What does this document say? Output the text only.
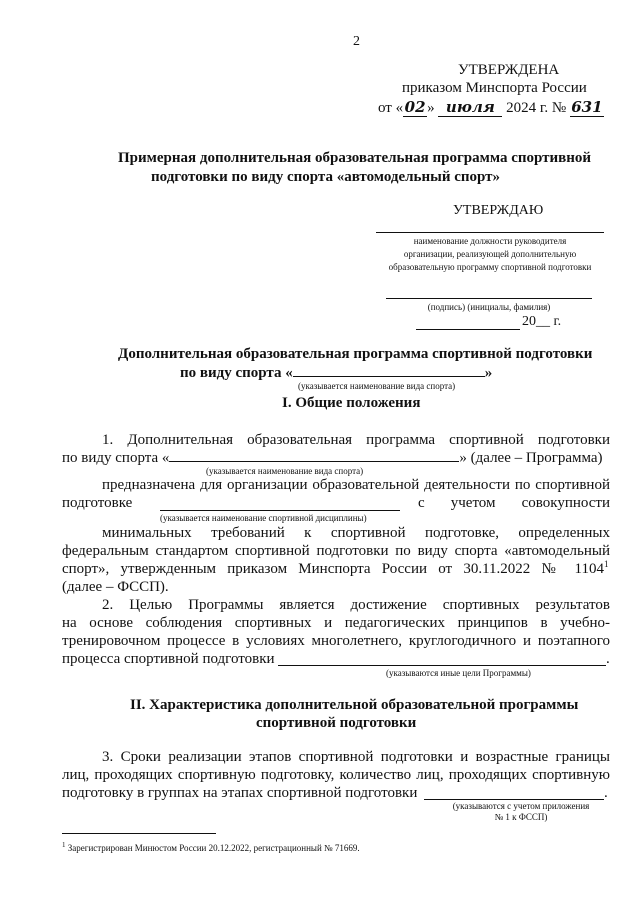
2
УТВЕРЖДЕНА
приказом Минспорта России
от « 02 » июля 2024 г. № 631
Примерная дополнительная образовательная программа спортивной
подготовки по виду спорта «автомодельный спорт»
УТВЕРЖДАЮ
наименование должности руководителя
организации, реализующей дополнительную
образовательную программу спортивной подготовки
(подпись) (инициалы, фамилия)
20__ г.
Дополнительная образовательная программа спортивной подготовки
по виду спорта «	»
(указывается наименование вида спорта)
I. Общие положения
1. Дополнительная образовательная программа спортивной подготовки
по виду спорта «	» (далее – Программа)
(указывается наименование вида спорта)
предназначена для организации образовательной деятельности по спортивной
подготовке	с учетом совокупности
(указывается наименование спортивной дисциплины)
минимальных требований к спортивной подготовке, определенных
федеральным стандартом спортивной подготовки по виду спорта «автомодельный
спорт», утвержденным приказом Минспорта России от 30.11.2022 № 1104 1
(далее – ФССП).
2. Целью Программы является достижение спортивных результатов
на основе соблюдения спортивных и педагогических принципов в учебно-
тренировочном процессе в условиях многолетнего, круглогодичного и поэтапного
процесса спортивной подготовки	.
(указываются иные цели Программы)
II. Характеристика дополнительной образовательной программы
спортивной подготовки
3. Сроки реализации этапов спортивной подготовки и возрастные границы
лиц, проходящих спортивную подготовку, количество лиц, проходящих спортивную
подготовку в группах на этапах спортивной подготовки	.
(указываются с учетом приложения
№ 1 к ФССП)
$^1$ Зарегистрирован Минюстом России 20.12.2022, регистрационный № 71669.
